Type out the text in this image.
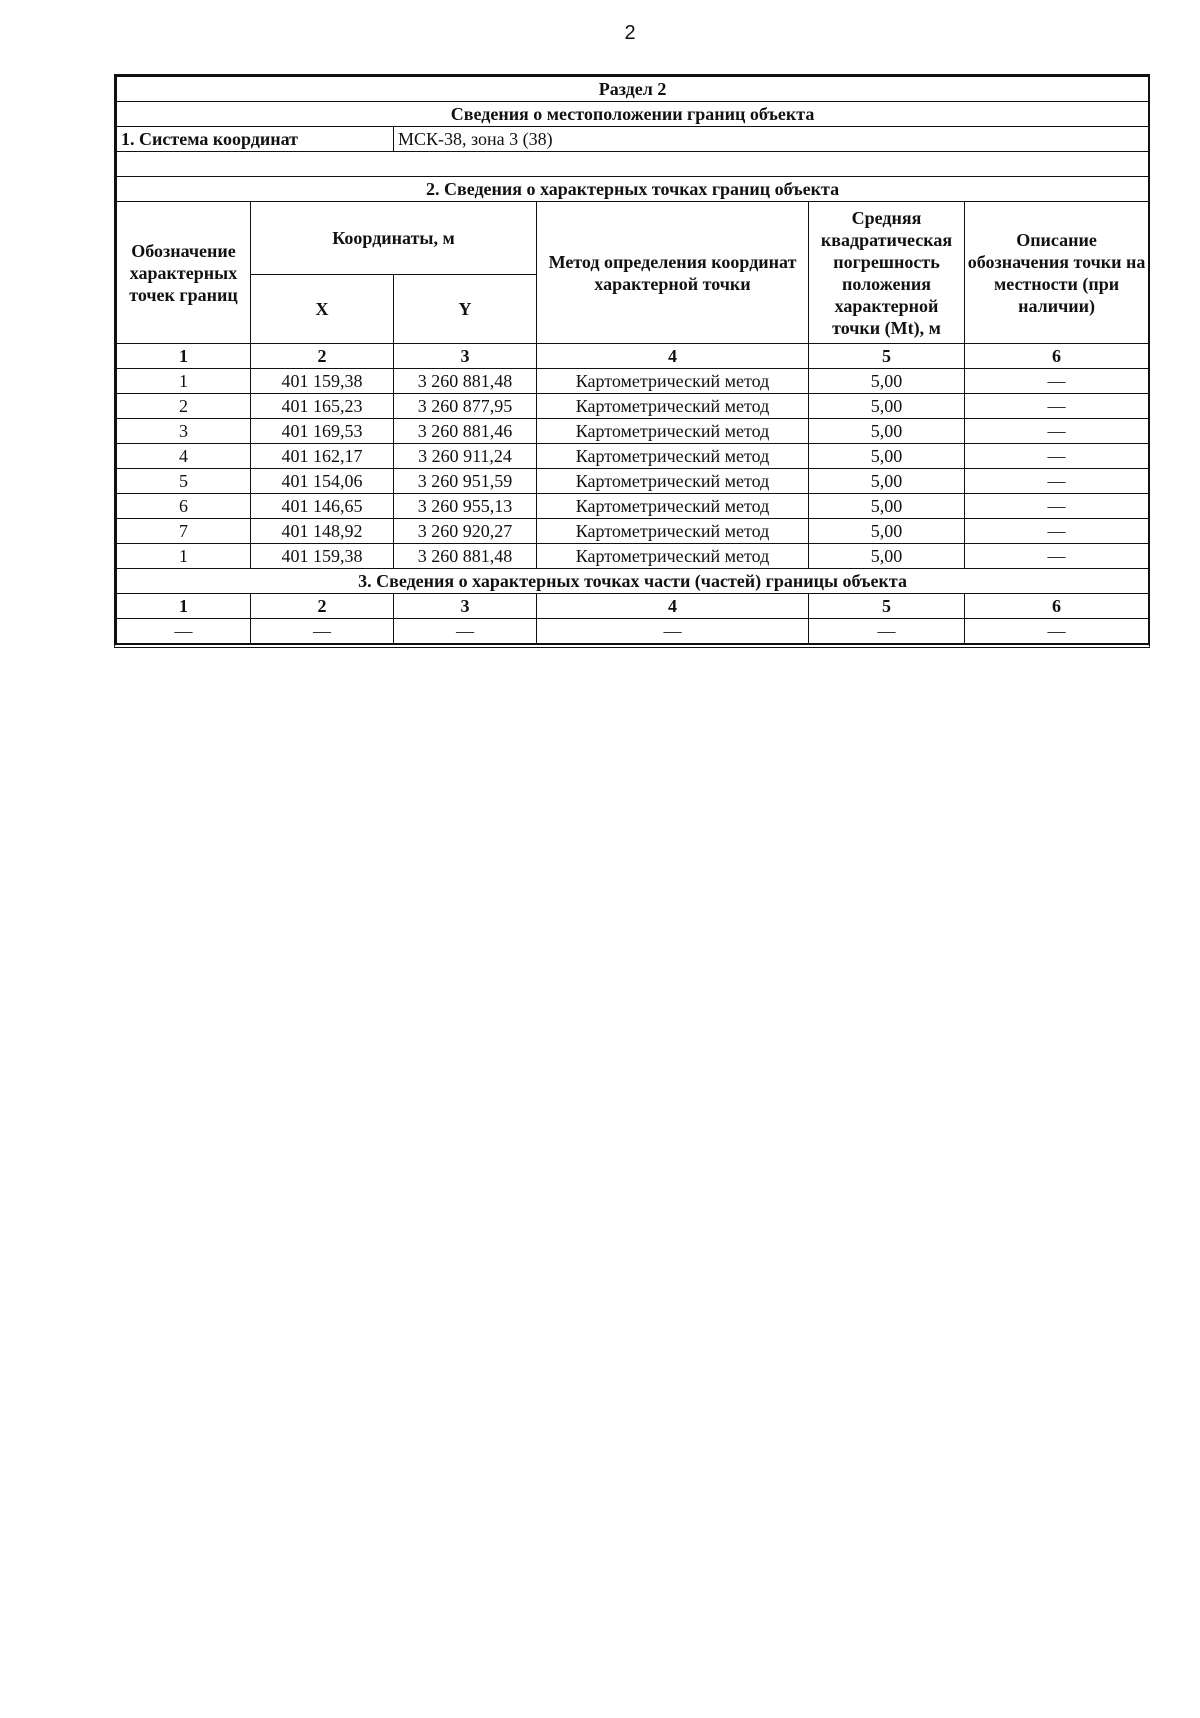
2
Раздел 2					
Сведения о местоположении границ объекта					
1. Система координат		МСК-38, зона 3 (38)			

2. Сведения о характерных точках границ объекта					
Обозначение характерных точек границ	Координаты, м		Метод определения координат характерной точки	Средняя квадратическая погрешность положения характерной точки (Mt), м	Описание обозначения точки на местности (при наличии)
	X	Y			
1	2	3	4	5	6
1	401 159,38	3 260 881,48	Картометрический метод	5,00	—
2	401 165,23	3 260 877,95	Картометрический метод	5,00	—
3	401 169,53	3 260 881,46	Картометрический метод	5,00	—
4	401 162,17	3 260 911,24	Картометрический метод	5,00	—
5	401 154,06	3 260 951,59	Картометрический метод	5,00	—
6	401 146,65	3 260 955,13	Картометрический метод	5,00	—
7	401 148,92	3 260 920,27	Картометрический метод	5,00	—
1	401 159,38	3 260 881,48	Картометрический метод	5,00	—
3. Сведения о характерных точках части (частей) границы объекта					
1	2	3	4	5	6
—	—	—	—	—	—
